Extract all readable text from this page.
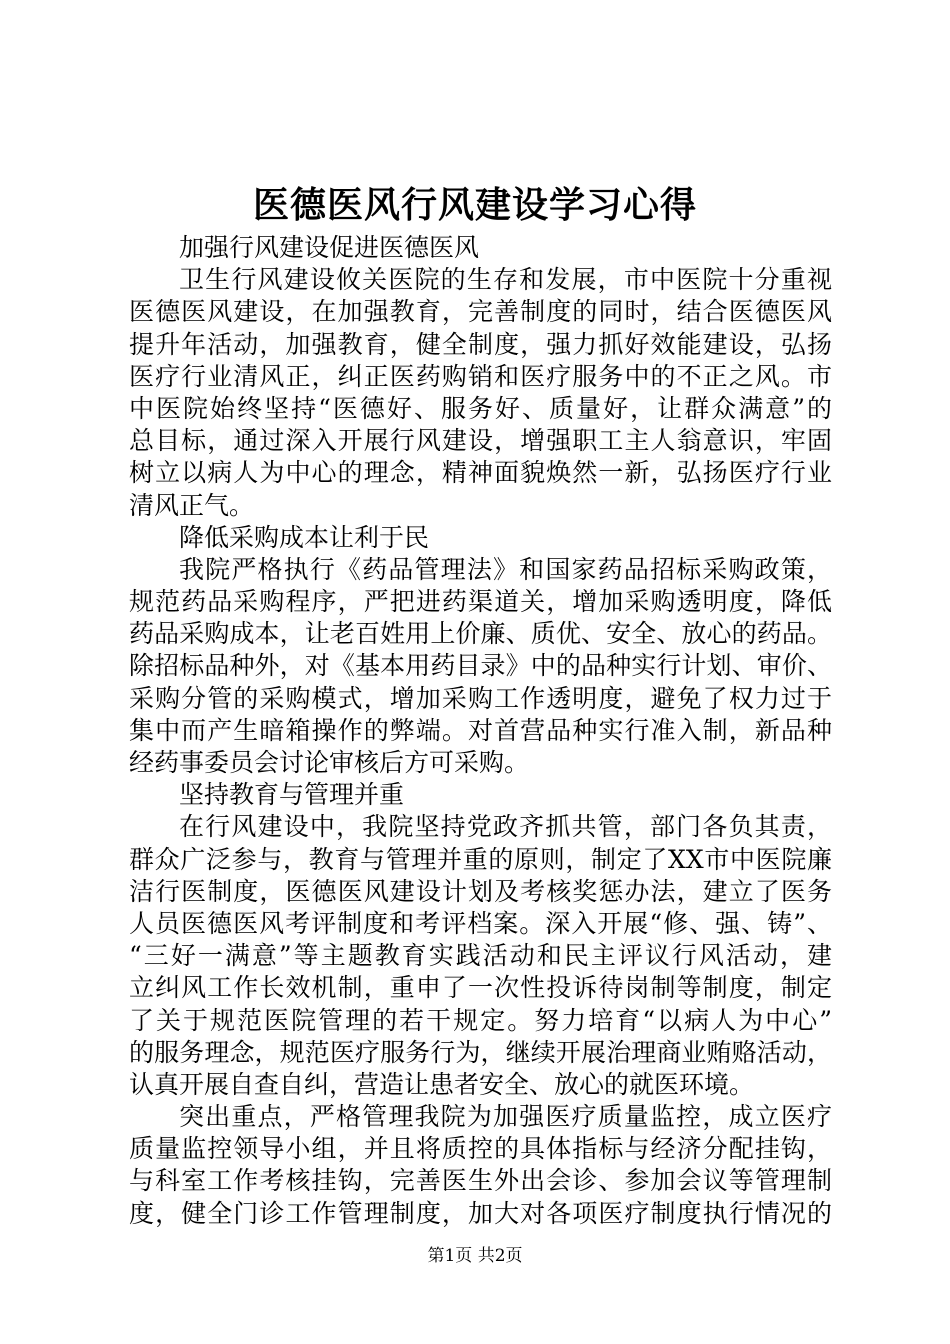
医德医风行风建设学习心得
加强行风建设促进医德医风
卫生行风建设攸关医院的生存和发展，市中医院十分重视
医德医风建设，在加强教育，完善制度的同时，结合医德医风
提升年活动，加强教育，健全制度，强力抓好效能建设，弘扬
医疗行业清风正，纠正医药购销和医疗服务中的不正之风。市
中医院始终坚持“医德好、服务好、质量好，让群众满意”的
总目标，通过深入开展行风建设，增强职工主人翁意识，牢固
树立以病人为中心的理念，精神面貌焕然一新，弘扬医疗行业
清风正气。
降低采购成本让利于民
我院严格执行《药品管理法》和国家药品招标采购政策，
规范药品采购程序，严把进药渠道关，增加采购透明度，降低
药品采购成本，让老百姓用上价廉、质优、安全、放心的药品。
除招标品种外，对《基本用药目录》中的品种实行计划、审价、
采购分管的采购模式，增加采购工作透明度，避免了权力过于
集中而产生暗箱操作的弊端。对首营品种实行准入制，新品种
经药事委员会讨论审核后方可采购。
坚持教育与管理并重
在行风建设中，我院坚持党政齐抓共管，部门各负其责，
群众广泛参与，教育与管理并重的原则，制定了XX市中医院廉
洁行医制度，医德医风建设计划及考核奖惩办法，建立了医务
人员医德医风考评制度和考评档案。深入开展“修、强、铸”、
“三好一满意”等主题教育实践活动和民主评议行风活动，建
立纠风工作长效机制，重申了一次性投诉待岗制等制度，制定
了关于规范医院管理的若干规定。努力培育“以病人为中心”
的服务理念，规范医疗服务行为，继续开展治理商业贿赂活动，
认真开展自查自纠，营造让患者安全、放心的就医环境。
突出重点，严格管理我院为加强医疗质量监控，成立医疗
质量监控领导小组，并且将质控的具体指标与经济分配挂钩，
与科室工作考核挂钩，完善医生外出会诊、参加会议等管理制
度，健全门诊工作管理制度，加大对各项医疗制度执行情况的
第1页 共2页
